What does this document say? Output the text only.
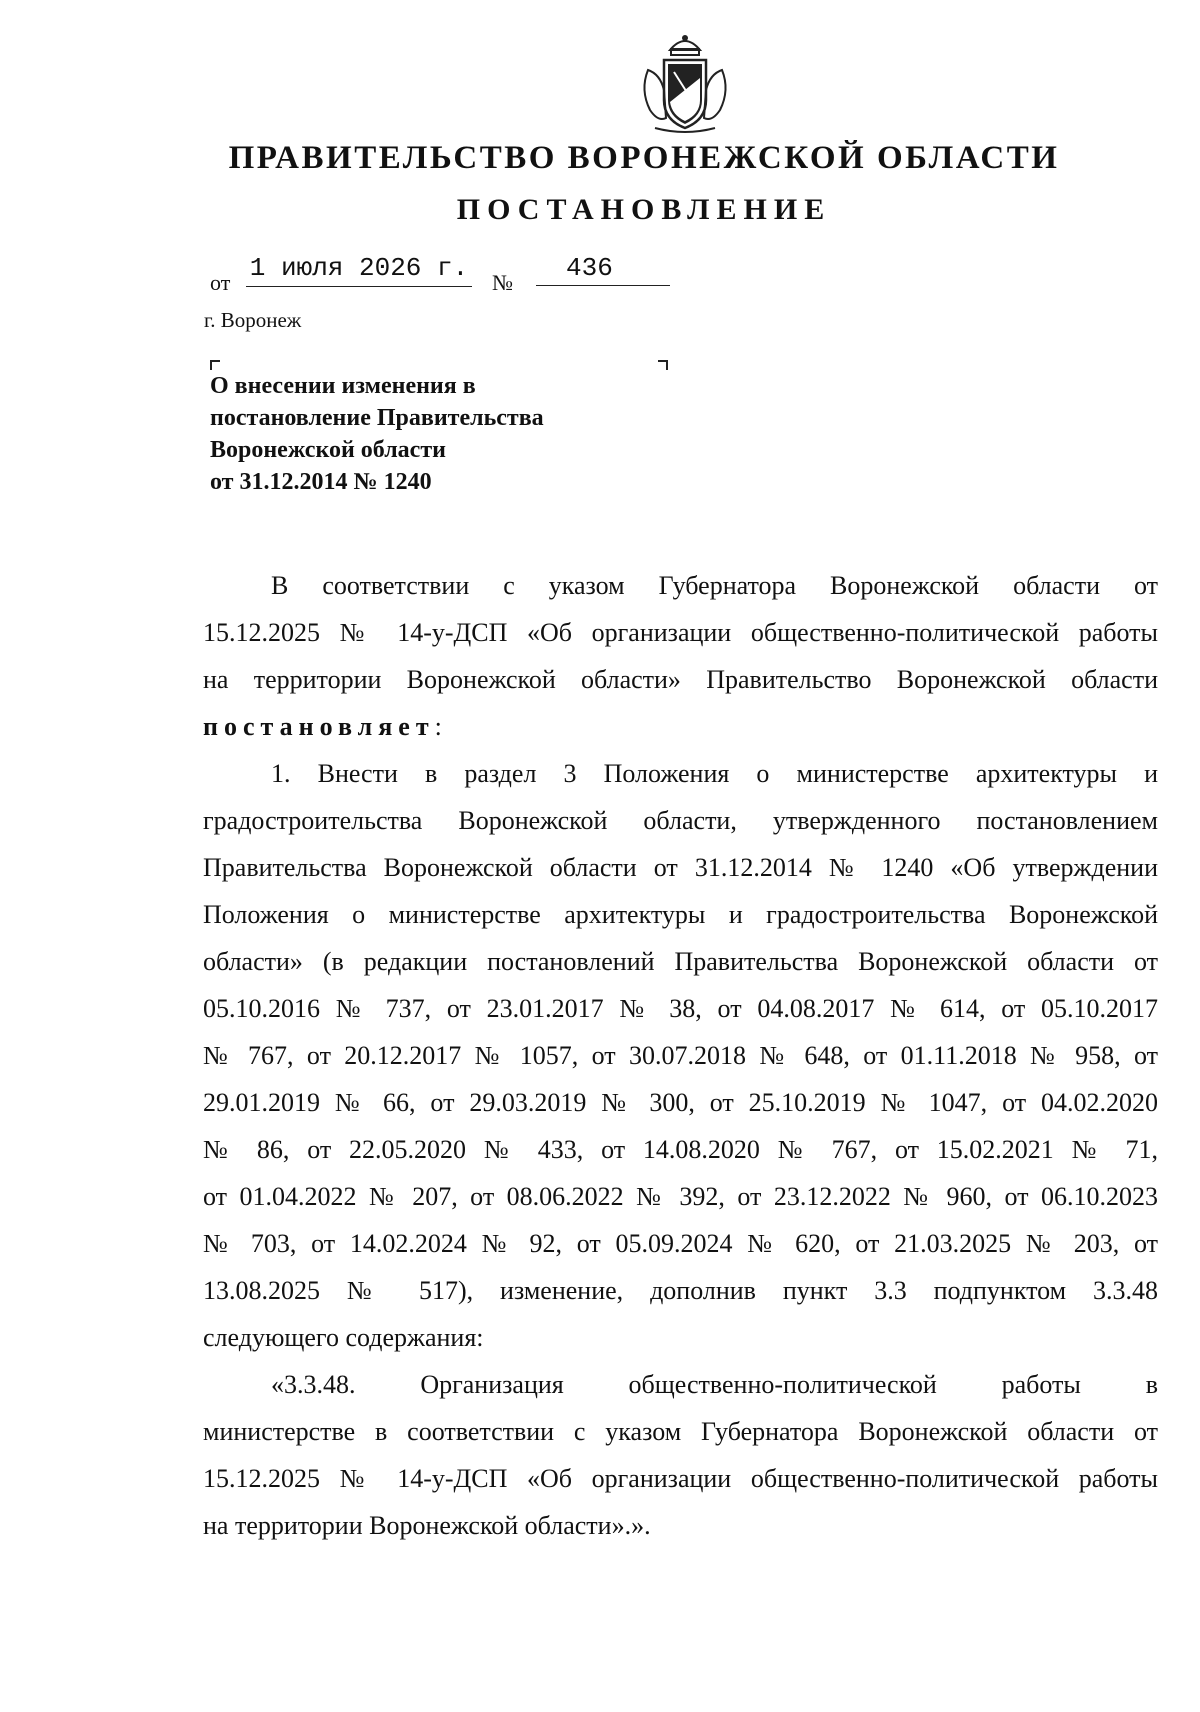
ПРАВИТЕЛЬСТВО ВОРОНЕЖСКОЙ ОБЛАСТИ
ПОСТАНОВЛЕНИЕ
от 1 июля 2026 г. №	436
г. Воронеж
О внесении изменения в
постановление Правительства
Воронежской области
от 31.12.2014 № 1240
В соответствии с указом Губернатора Воронежской области от
15.12.2025 № 14-у-ДСП «Об организации общественно-политической работы
на территории Воронежской области» Правительство Воронежской области
постановляет:
1. Внести в раздел 3 Положения о министерстве архитектуры и
градостроительства Воронежской области, утвержденного постановлением
Правительства Воронежской области от 31.12.2014 № 1240 «Об утверждении
Положения о министерстве архитектуры и градостроительства Воронежской
области» (в редакции постановлений Правительства Воронежской области от
05.10.2016 № 737, от 23.01.2017 № 38, от 04.08.2017 № 614, от 05.10.2017
№ 767, от 20.12.2017 № 1057, от 30.07.2018 № 648, от 01.11.2018 № 958, от
29.01.2019 № 66, от 29.03.2019 № 300, от 25.10.2019 № 1047, от 04.02.2020
№ 86, от 22.05.2020 № 433, от 14.08.2020 № 767, от 15.02.2021 № 71,
от 01.04.2022 № 207, от 08.06.2022 № 392, от 23.12.2022 № 960, от 06.10.2023
№ 703, от 14.02.2024 № 92, от 05.09.2024 № 620, от 21.03.2025 № 203, от
13.08.2025 № 517), изменение, дополнив пункт 3.3 подпунктом 3.3.48
следующего содержания:
«3.3.48. Организация общественно-политической работы в
министерстве в соответствии с указом Губернатора Воронежской области от
15.12.2025 № 14-у-ДСП «Об организации общественно-политической работы
на территории Воронежской области».».
